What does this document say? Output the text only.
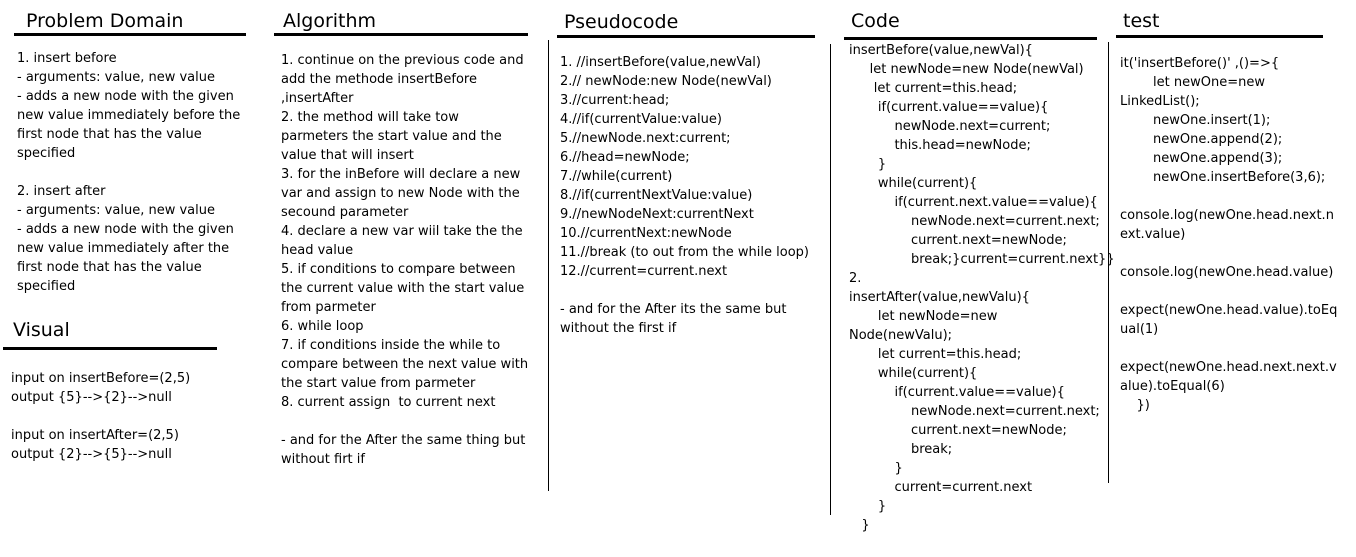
Problem Domain	Algorithm	Pseudocode	Code	test
Visual
1. insert before
- arguments: value, new value
- adds a new node with the given
new value immediately before the
first node that has the value
specified
2. insert after
- arguments: value, new value
- adds a new node with the given
new value immediately after the
first node that has the value
specified
input on insertBefore=(2,5)
output {5}-->{2}-->null
input on insertAfter=(2,5)
output {2}-->{5}-->null
1. continue on the previous code and
add the methode insertBefore
,insertAfter
2. the method will take tow
parmeters the start value and the
value that will insert
3. for the inBefore will declare a new
var and assign to new Node with the
secound parameter
4. declare a new var wiil take the the
head value
5. if conditions to compare between
the current value with the start value
from parmeter
6. while loop
7. if conditions inside the while to
compare between the next value with
the start value from parmeter
8. current assign  to current next
- and for the After the same thing but
without firt if
1. //insertBefore(value,newVal)
2.// newNode:new Node(newVal)
3.//current:head;
4.//if(currentValue:value)
5.//newNode.next:current;
6.//head=newNode;
7.//while(current)
8.//if(currentNextValue:value)
9.//newNodeNext:currentNext
10.//currentNext:newNode
11.//break (to out from the while loop)
12.//current=current.next
- and for the After its the same but
without the first if
insertBefore(value,newVal){
let newNode=new Node(newVal)
let current=this.head;
if(current.value==value){
newNode.next=current;
this.head=newNode;
}
while(current){
if(current.next.value==value){
newNode.next=current.next;
current.next=newNode;
break;}current=current.next}}
2.
insertAfter(value,newValu){
let newNode=new
Node(newValu);
let current=this.head;
while(current){
if(current.value==value){
newNode.next=current.next;
current.next=newNode;
break;
}
current=current.next
}
}
it('insertBefore()' ,()=>{
let newOne=new
LinkedList();
newOne.insert(1);
newOne.append(2);
newOne.append(3);
newOne.insertBefore(3,6);
console.log(newOne.head.next.n
ext.value)
console.log(newOne.head.value)
expect(newOne.head.value).toEq
ual(1)
expect(newOne.head.next.next.v
alue).toEqual(6)
})
